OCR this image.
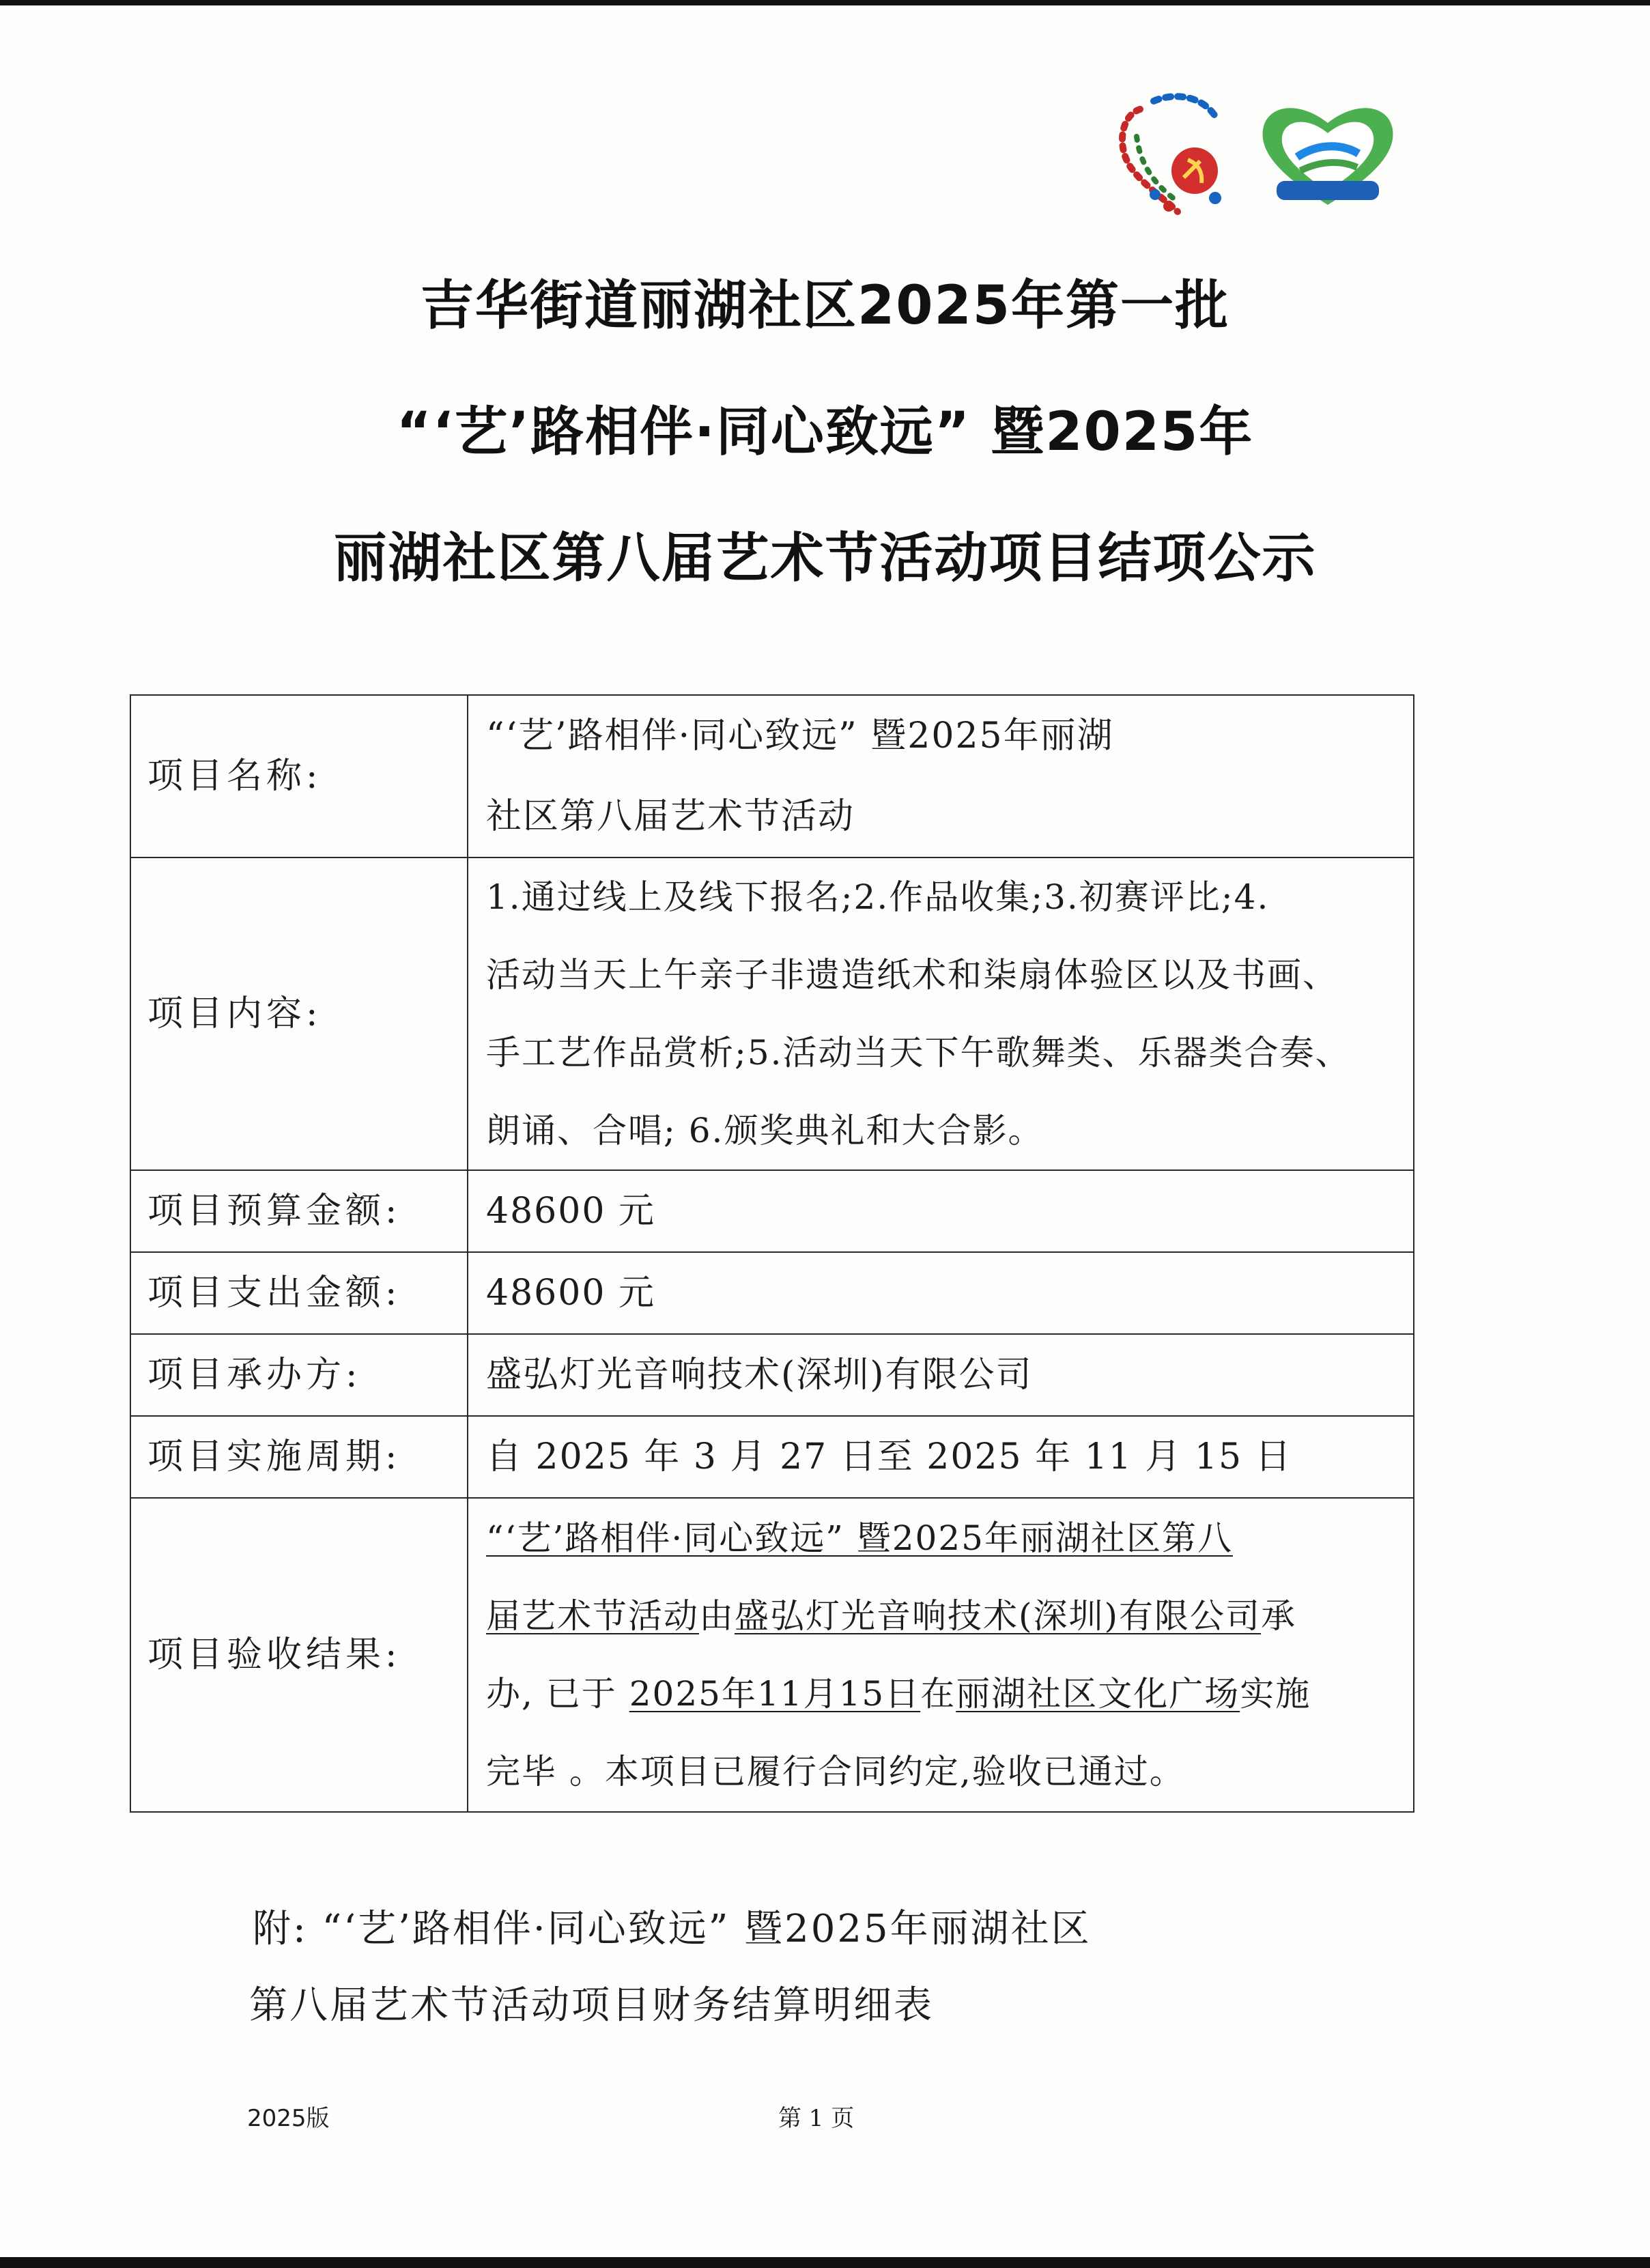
吉华街道丽湖社区2025年第一批
“‘艺’路相伴·同心致远” 暨2025年
丽湖社区第八届艺术节活动项目结项公示
项目名称:	“‘艺’路相伴·同心致远” 暨2025年丽湖
社区第八届艺术节活动

项目内容:	1.通过线上及线下报名;2.作品收集;3.初赛评比;4.
活动当天上午亲子非遗造纸术和柒扇体验区以及书画、
手工艺作品赏析;5.活动当天下午歌舞类、乐器类合奏、
朗诵、合唱; 6.颁奖典礼和大合影。

项目预算金额:	48600 元
项目支出金额:	48600 元
项目承办方:	盛弘灯光音响技术(深圳)有限公司
项目实施周期:	自 2025 年 3 月 27 日至 2025 年 11 月 15 日
项目验收结果:	“‘艺’路相伴·同心致远” 暨2025年丽湖社区第八
届艺术节活动由盛弘灯光音响技术(深圳)有限公司承
办, 已于 2025年11月15日在丽湖社区文化广场实施
完毕 。本项目已履行合同约定,验收已通过。
附: “‘艺’路相伴·同心致远” 暨2025年丽湖社区
第八届艺术节活动项目财务结算明细表
2025版	第 1 页
